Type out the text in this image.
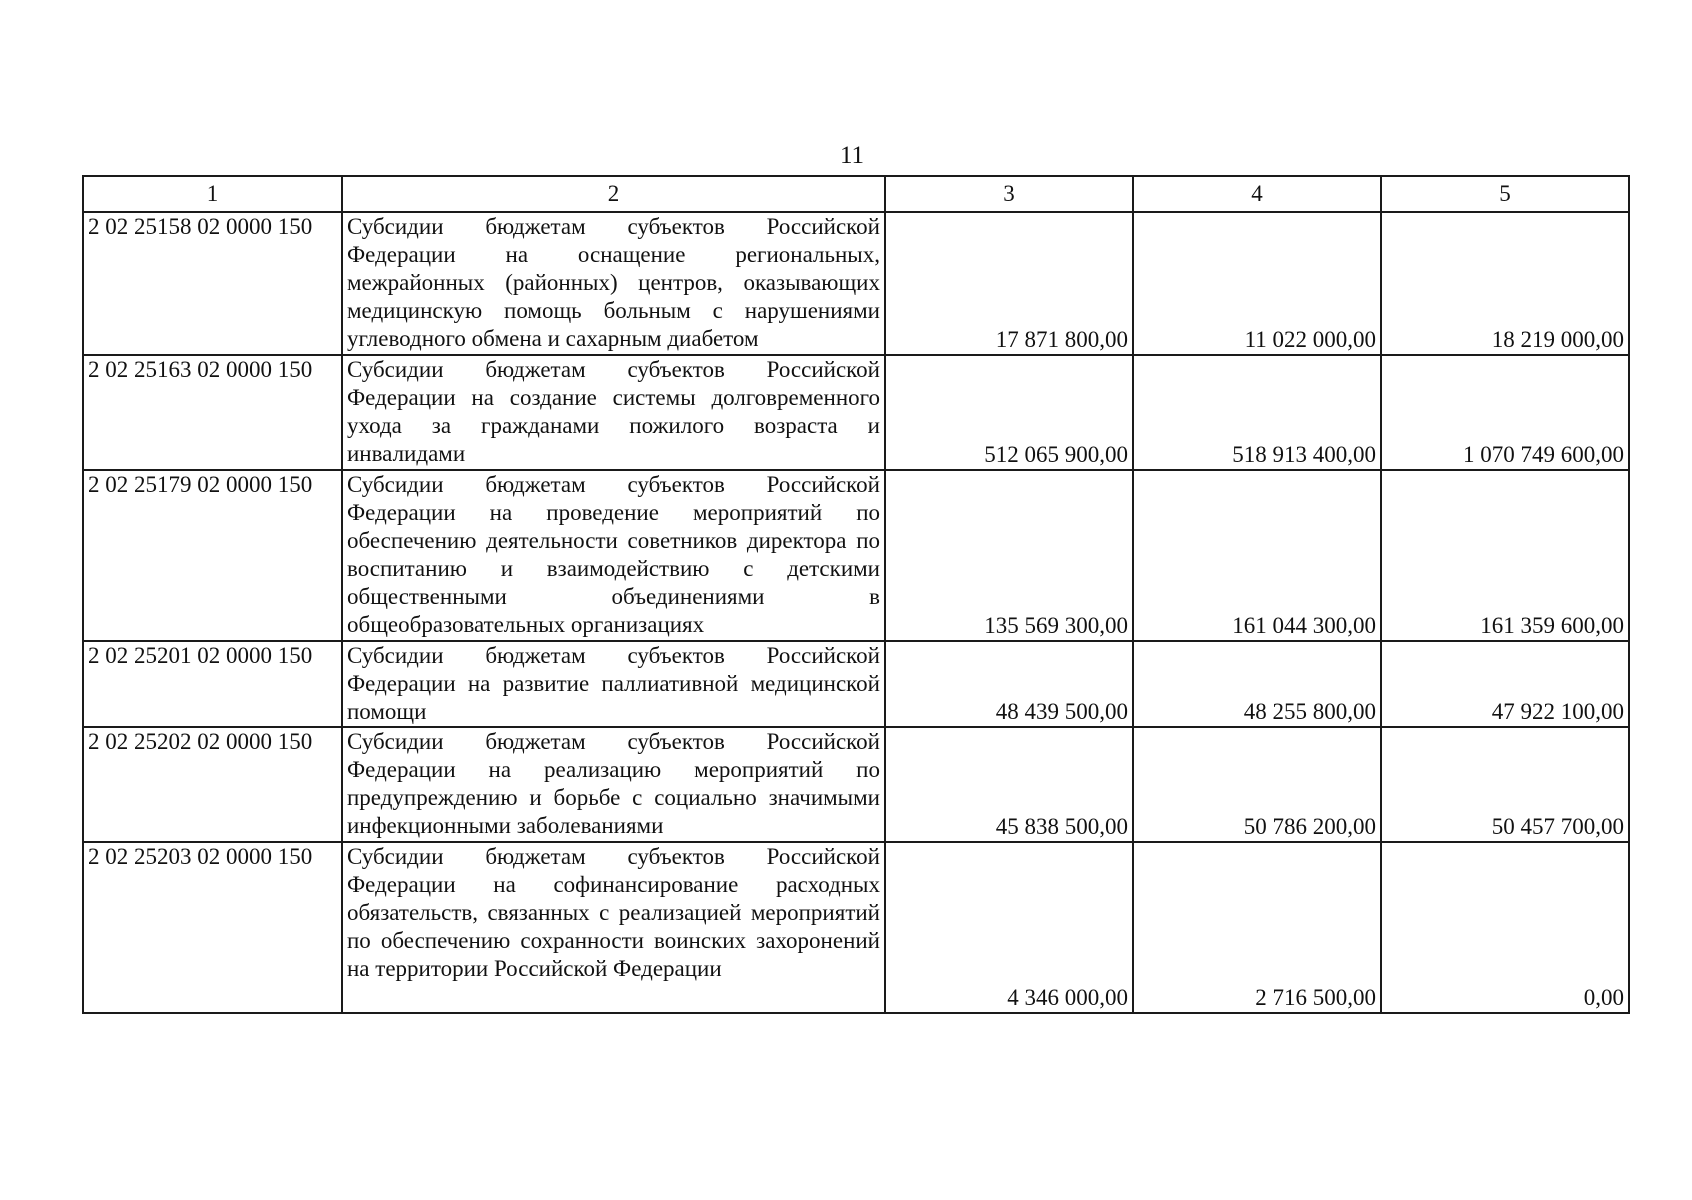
11
1	2	3	4	5
2 02 25158 02 0000 150	Субсидии бюджетам субъектов Российской Федерации на оснащение региональных, межрайонных (районных) центров, оказывающих медицинскую помощь больным с нарушениями углеводного обмена и сахарным диабетом	17 871 800,00	11 022 000,00	18 219 000,00
2 02 25163 02 0000 150	Субсидии бюджетам субъектов Российской Федерации на создание системы долговременного ухода за гражданами пожилого возраста и инвалидами	512 065 900,00	518 913 400,00	1 070 749 600,00
2 02 25179 02 0000 150	Субсидии бюджетам субъектов Российской Федерации на проведение мероприятий по обеспечению деятельности советников директора по воспитанию и взаимодействию с детскими общественными объединениями в общеобразовательных организациях	135 569 300,00	161 044 300,00	161 359 600,00
2 02 25201 02 0000 150	Субсидии бюджетам субъектов Российской Федерации на развитие паллиативной медицинской помощи	48 439 500,00	48 255 800,00	47 922 100,00
2 02 25202 02 0000 150	Субсидии бюджетам субъектов Российской Федерации на реализацию мероприятий по предупреждению и борьбе с социально значимыми инфекционными заболеваниями	45 838 500,00	50 786 200,00	50 457 700,00
2 02 25203 02 0000 150	Субсидии бюджетам субъектов Российской Федерации на софинансирование расходных обязательств, связанных с реализацией мероприятий по обеспечению сохранности воинских захоронений на территории Российской Федерации	4 346 000,00	2 716 500,00	0,00
